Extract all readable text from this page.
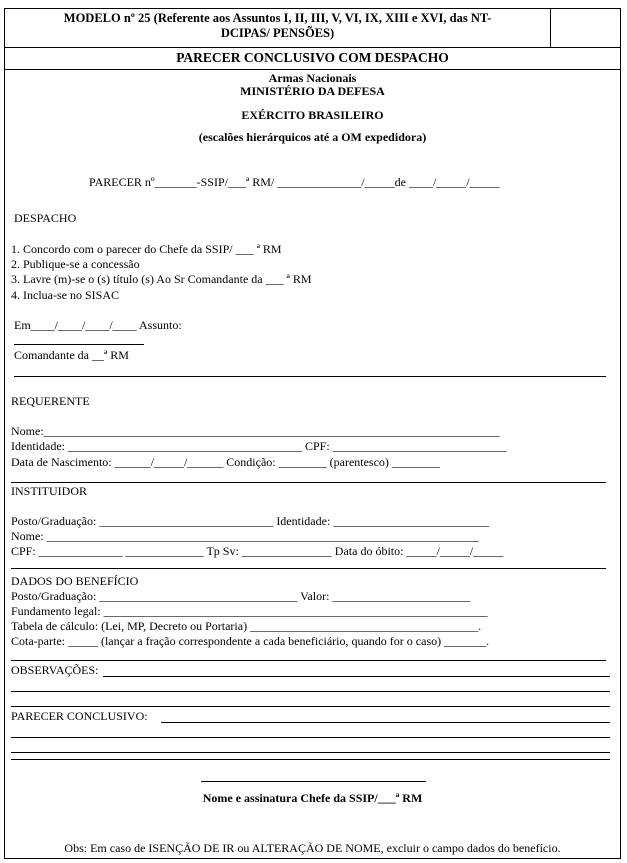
MODELO nº 25 (Referente aos Assuntos I, II, III, V, VI, IX, XIII e XVI, das NT-
DCIPAS/ PENSÕES)
PARECER CONCLUSIVO COM DESPACHO
Armas Nacionais
MINISTÉRIO DA DEFESA
EXÉRCITO BRASILEIRO
(escalões hierárquicos até a OM expedidora)
PARECER nº_______-SSIP/___ª RM/ ______________/_____de ____/_____/_____
DESPACHO
1. Concordo com o parecer do Chefe da SSIP/ ___ ª RM
2. Publique-se a concessão
3. Lavre (m)-se o (s) título (s) Ao Sr Comandante da ___ ª RM
4. Inclua-se no SISAC
Em____/____/____/____ Assunto:
Comandante da __ª RM
REQUERENTE
Nome:____________________________________________________________________________
Identidade: _______________________________________ CPF: _____________________________
Data de Nascimento: ______/_____/______ Condição: ________ (parentesco) ________
INSTITUIDOR
Posto/Graduação: _____________________________ Identidade: __________________________
Nome: ________________________________________________________________________
CPF: ______________ _____________ Tp Sv: _______________ Data do óbito: _____/_____/_____
DADOS DO BENEFÍCIO
Posto/Graduação: _________________________________ Valor: _______________________
Fundamento legal: ________________________________________________________________
Tabela de cálculo: (Lei, MP, Decreto ou Portaria) ______________________________________.
Cota-parte: _____ (lançar a fração correspondente a cada beneficiário, quando for o caso) _______.
OBSERVAÇÕES:
PARECER CONCLUSIVO:
Nome e assinatura Chefe da SSIP/___ª RM
Obs: Em caso de ISENÇÃO DE IR ou ALTERAÇÃO DE NOME, excluir o campo dados do benefício.
